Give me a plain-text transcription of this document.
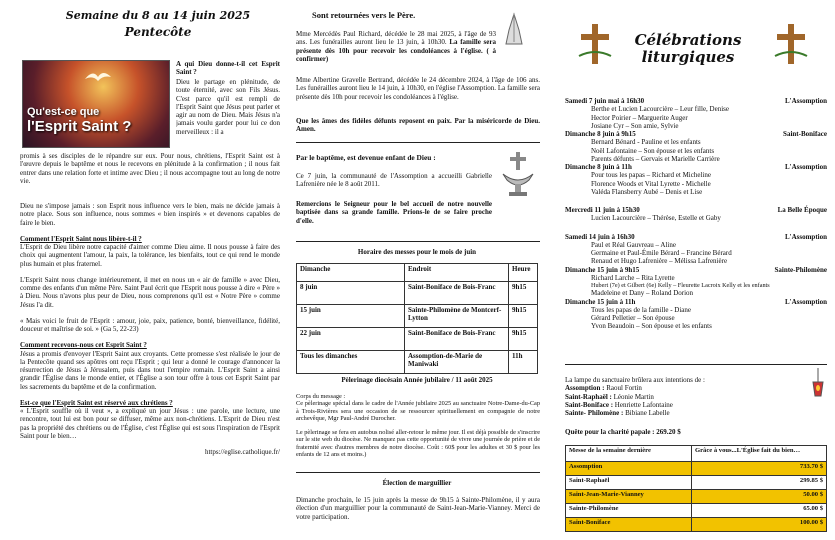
Semaine du 8 au 14 juin 2025
Pentecôte
Qu'est-ce que
l'Esprit Saint ?
A qui Dieu donne-t-il cet Esprit Saint ?
Dieu le partage en plénitude, de toute éternité, avec son Fils Jésus. C'est parce qu'il est rempli de l'Esprit Saint que Jésus peut parler et agir au nom de Dieu. Mais Jésus n'a jamais voulu garder pour lui ce don merveilleux : il a
promis à ses disciples de le répandre sur eux. Pour nous, chrétiens, l'Esprit Saint est à l'œuvre depuis le baptême et nous le recevons en plénitude à la confirmation ; il nous fait entrer dans une relation forte et intime avec Dieu ; il nous accompagne tout au long de notre vie.
Dieu ne s'impose jamais : son Esprit nous influence vers le bien, mais ne décide jamais à notre place. Sous son influence, nous sommes « bien inspirés » et devenons capables de faire le bien.
Comment l'Esprit Saint nous libère-t-il ?
L'Esprit de Dieu libère notre capacité d'aimer comme Dieu aime. Il nous pousse à faire des choix qui augmentent l'amour, la paix, la tolérance, les bienfaits, tout ce qui rend le monde plus humain et plus fraternel.
L'Esprit Saint nous change intérieurement, il met en nous un « air de famille » avec Dieu, comme des enfants d'un même Père. Saint Paul écrit que l'Esprit nous pousse à dire « Père » à Dieu. Nous n'avons plus peur de Dieu, nous comprenons qu'il est « Notre Père » comme Jésus l'a dit.
« Mais voici le fruit de l'Esprit : amour, joie, paix, patience, bonté, bienveillance, fidélité, douceur et maîtrise de soi. » (Ga 5, 22-23)
Comment recevons-nous cet Esprit Saint ?
Jésus a promis d'envoyer l'Esprit Saint aux croyants. Cette promesse s'est réalisée le jour de la Pentecôte quand ses apôtres ont reçu l'Esprit ; qui leur a donné le courage d'annoncer la résurrection de Jésus à Jérusalem, puis dans tout l'empire romain. L'Esprit Saint a ainsi grandir l'Église dans le monde entier, et l'Église a son tour offre à tous cet Esprit Saint par les sacrements du baptême et de la confirmation.
Est-ce que l'Esprit Saint est réservé aux chrétiens ?
« L'Esprit souffle où il veut », a expliqué un jour Jésus : une parole, une lecture, une rencontre, tout lui est bon pour se diffuser, même aux non-chrétiens. L'Esprit de Dieu n'est pas la propriété des chrétiens ou de l'Église, c'est l'Église qui est sous l'inspiration de l'Esprit Saint pour le bien…
https://eglise.catholique.fr/
Sont retournées vers le Père.
Mme Mercédès Paul Richard, décédée le 28 mai 2025, à l'âge de 93 ans. Les funérailles auront lieu le 13 juin, à 10h30. La famille sera présente dès 10h pour recevoir les condoléances à l'église. ( à confirmer)
Mme Albertine Gravelle Bertrand, décédée le 24 décembre 2024, à l'âge de 106 ans. Les funérailles auront lieu le 14 juin, à 10h30, en l'église l'Assomption. La famille sera présente dès 10h pour recevoir les condoléances à l'église.
Que les âmes des fidèles défunts reposent en paix. Par la miséricorde de Dieu. Amen.
Par le baptême, est devenue enfant de Dieu :
Ce 7 juin, la communauté de l'Assomption a accueilli Gabrielle Lafrenière née le 8 août 2011.
Remercions le Seigneur pour le bel accueil de notre nouvelle baptisée dans sa grande famille. Prions-le de se faire proche d'elle.
Horaire des messes pour le mois de juin
Dimanche	Endroit	Heure
8 juin	Saint-Boniface de Bois-Franc	9h15
15 juin	Sainte-Philomène de Montcerf-Lytton	9h15
22 juin	Saint-Boniface de Bois-Franc	9h15
Tous les dimanches	Assomption-de-Marie de Maniwaki	11h
Pèlerinage diocésain Année jubilaire / 11 août 2025
Corps du message :
Ce pèlerinage spécial dans le cadre de l'Année jubilaire 2025 au sanctuaire Notre-Dame-du-Cap à Trois-Rivières sera une occasion de se ressourcer spirituellement en compagnie de notre archevêque, Mgr Paul-André Durocher.
Le pèlerinage se fera en autobus nolisé aller-retour le même jour. Il est déjà possible de s'inscrire sur le site web du diocèse. Ne manquez pas cette opportunité de vivre une journée de prière et de fraternité avec d'autres membres de notre diocèse. Coût : 60$ pour les adultes et 30 $ pour les enfants de 12 ans et moins.)
Élection de marguillier
Dimanche prochain, le 15 juin après la messe de 9h15 à Sainte-Philomène, il y aura élection d'un marguillier pour la communauté de Saint-Jean-Marie-Vianney. Merci de votre participation.
Célébrations
liturgiques
Samedi 7 juin mai à 16h30	L'Assomption
Berthe et Lucien Lacourcière – Leur fille, Denise
Hector Poirier – Marguerite Auger
Josiane Cyr – Son amie, Sylvie
Dimanche 8 juin à 9h15	Saint-Boniface
Bernard Bénard - Pauline et les enfants
Noël Lafontaine – Son épouse et les enfants
Parents défunts – Gervais et Marielle Carrière
Dimanche 8 juin à 11h	L'Assomption
Pour tous les papas – Richard et Micheline
Florence Woods et Vital Lyrette - Michelle
Valéda Flansberry Aubé – Denis et Lise
Mercredi 11 juin à 15h30	La Belle Époque
Lucien Lacourcière – Thérèse, Estelle et Gaby
Samedi 14 juin à 16h30	L'Assomption
Paul et Réal Gauvreau – Aline
Germaine et Paul-Émile Bérard – Francine Bérard
Renaud et Hugo Lafrenière – Mélissa Lafrenière
Dimanche 15 juin à 9h15	Sainte-Philomène
Richard Larche – Rita Lyrette
Hubert (7e) et Gilbert (6e) Kelly – Fleurette Lacroix Kelly et les enfants
Madeleine et Dany – Roland Dorion
Dimanche 15 juin à 11h	L'Assomption
Tous les papas de la famille - Diane
Gérard Pelletier – Son épouse
Yvon Beaudoin – Son épouse et les enfants
La lampe du sanctuaire brûlera aux intentions de :
Assomption : Raoul Fortin
Saint-Raphaël : Léonie Martin
Saint-Boniface : Henriette Lafontaine
Sainte- Philomène : Bibiane Labelle
Quête pour la charité papale : 269.20 $
Messe de la semaine dernière	Grâce à vous...L'Église fait du bien…
Assomption	733.70 $
Saint-Raphaël	299.85 $
Saint-Jean-Marie-Vianney	50.00 $
Sainte-Philomène	65.00 $
Saint-Boniface	100.00 $
